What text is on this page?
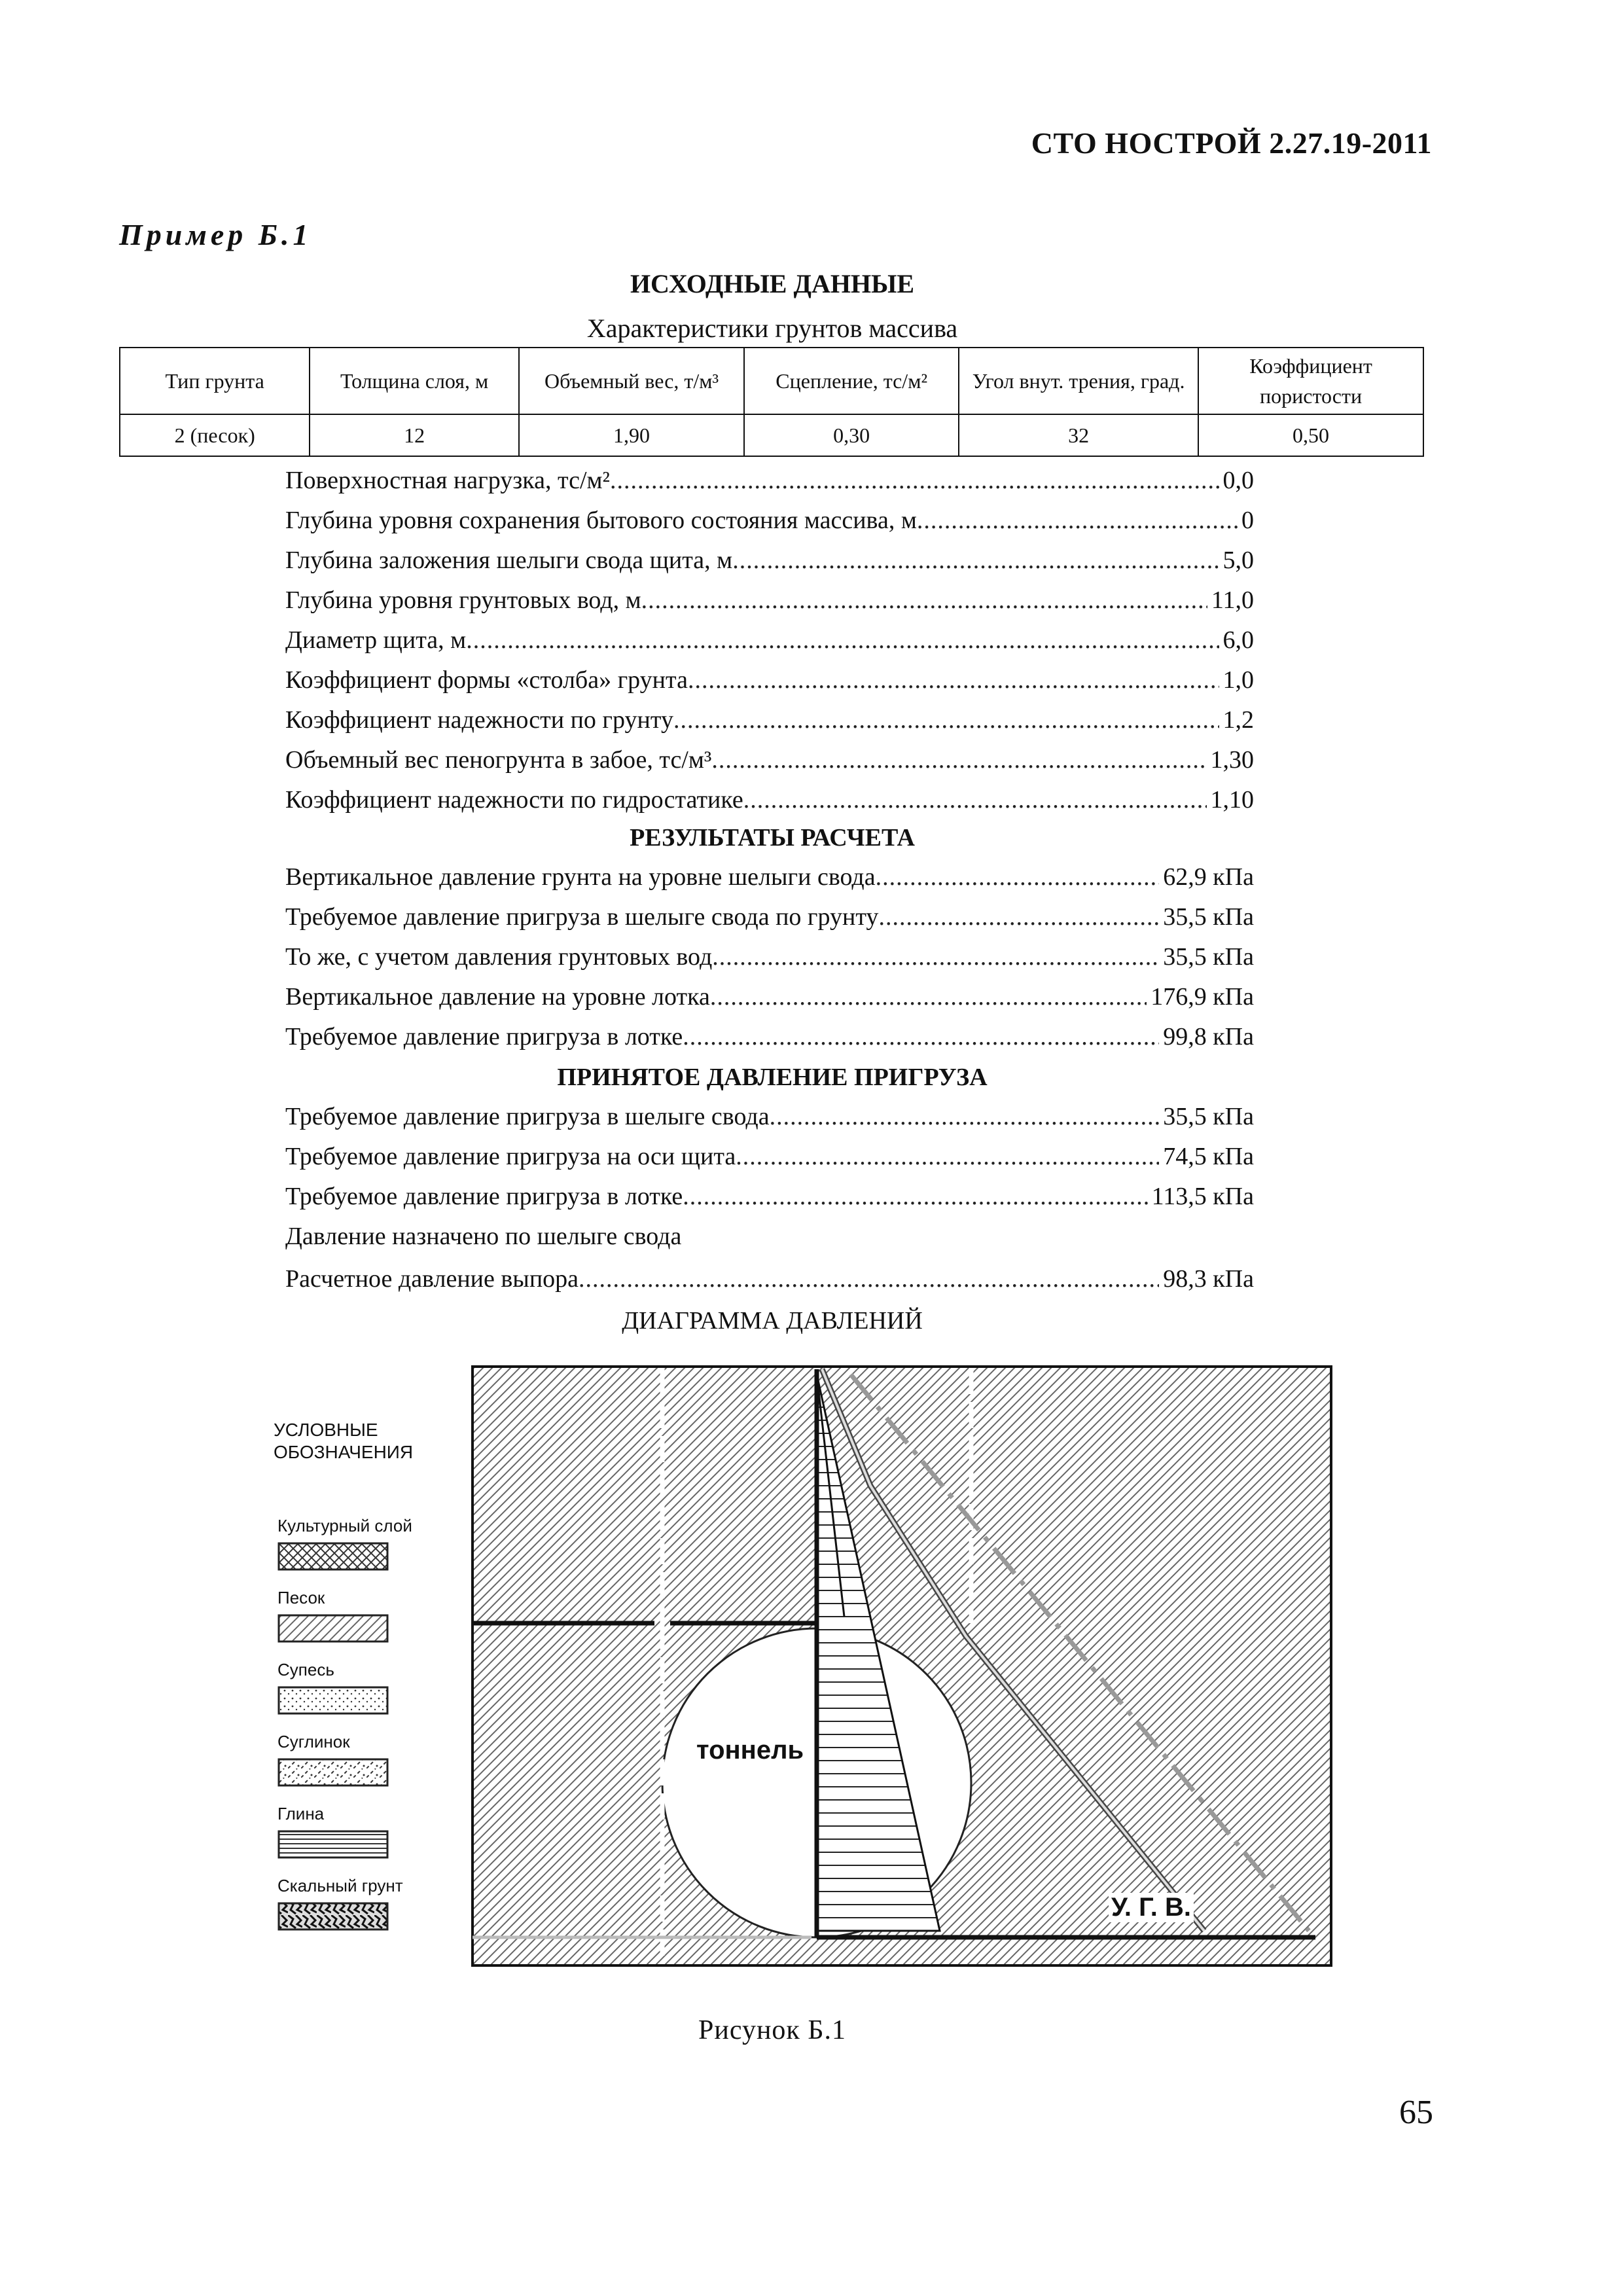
СТО НОСТРОЙ 2.27.19-2011
Пример Б.1
ИСХОДНЫЕ ДАННЫЕ
Характеристики грунтов массива
Тип грунта	Толщина слоя, м	Объемный вес, т/м³	Сцепление, тс/м²	Угол внут. трения, град.	Коэффициент пористости
2 (песок)	12	1,90	0,30	32	0,50
Поверхностная нагрузка, тс/м² .....	0,0
Глубина уровня сохранения бытового состояния массива, м .....	0
Глубина заложения шелыги свода щита, м .....	5,0
Глубина уровня грунтовых вод, м .....	11,0
Диаметр щита, м .....	6,0
Коэффициент формы «столба» грунта .....	1,0
Коэффициент надежности по грунту .....	1,2
Объемный вес пеногрунта в забое, тс/м³ .....	1,30
Коэффициент надежности по гидростатике .....	1,10
РЕЗУЛЬТАТЫ РАСЧЕТА
Вертикальное давление грунта на уровне шелыги свода .....	62,9 кПа
Требуемое давление пригруза в шелыге свода по грунту .....	35,5 кПа
То же, с учетом давления грунтовых вод .....	35,5 кПа
Вертикальное давление на уровне лотка .....	176,9 кПа
Требуемое давление пригруза в лотке .....	99,8 кПа
ПРИНЯТОЕ ДАВЛЕНИЕ ПРИГРУЗА
Требуемое давление пригруза в шелыге свода .....	35,5 кПа
Требуемое давление пригруза на оси щита .....	74,5 кПа
Требуемое давление пригруза в лотке .....	113,5 кПа
Давление назначено по шелыге свода
Расчетное давление выпора .....	98,3 кПа
ДИАГРАММА ДАВЛЕНИЙ
УСЛОВНЫЕ
ОБОЗНАЧЕНИЯ
Культурный слой
Песок
Супесь
Суглинок
Глина
Скальный грунт
тоннель
У. Г. В.
Рисунок Б.1
65
